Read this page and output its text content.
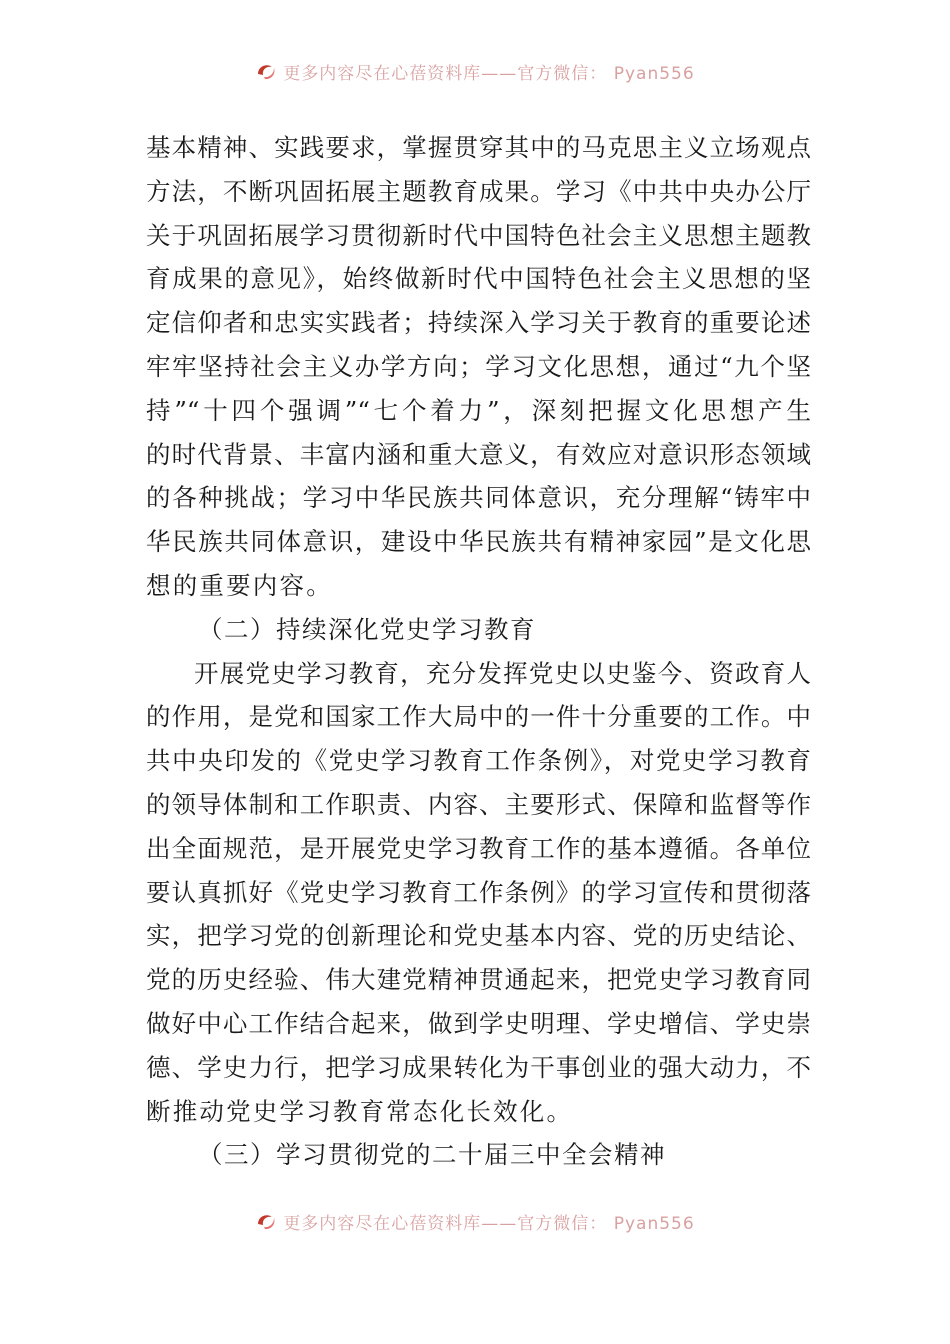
更多内容尽在心蓓资料库——官方微信： Pyan556
基本精神、实践要求，掌握贯穿其中的马克思主义立场观点
方法，不断巩固拓展主题教育成果。学习《中共中央办公厅
关于巩固拓展学习贯彻新时代中国特色社会主义思想主题教
育成果的意见》，始终做新时代中国特色社会主义思想的坚
定信仰者和忠实实践者；持续深入学习关于教育的重要论述
牢牢坚持社会主义办学方向；学习文化思想，通过“九个坚
持”“十四个强调”“七个着力”，深刻把握文化思想产生
的时代背景、丰富内涵和重大意义，有效应对意识形态领域
的各种挑战；学习中华民族共同体意识，充分理解“铸牢中
华民族共同体意识，建设中华民族共有精神家园”是文化思
想的重要内容。
（二）持续深化党史学习教育
开展党史学习教育，充分发挥党史以史鉴今、资政育人
的作用，是党和国家工作大局中的一件十分重要的工作。中
共中央印发的《党史学习教育工作条例》，对党史学习教育
的领导体制和工作职责、内容、主要形式、保障和监督等作
出全面规范，是开展党史学习教育工作的基本遵循。各单位
要认真抓好《党史学习教育工作条例》的学习宣传和贯彻落
实，把学习党的创新理论和党史基本内容、党的历史结论、
党的历史经验、伟大建党精神贯通起来，把党史学习教育同
做好中心工作结合起来，做到学史明理、学史增信、学史崇
德、学史力行，把学习成果转化为干事创业的强大动力，不
断推动党史学习教育常态化长效化。
（三）学习贯彻党的二十届三中全会精神
更多内容尽在心蓓资料库——官方微信： Pyan556
